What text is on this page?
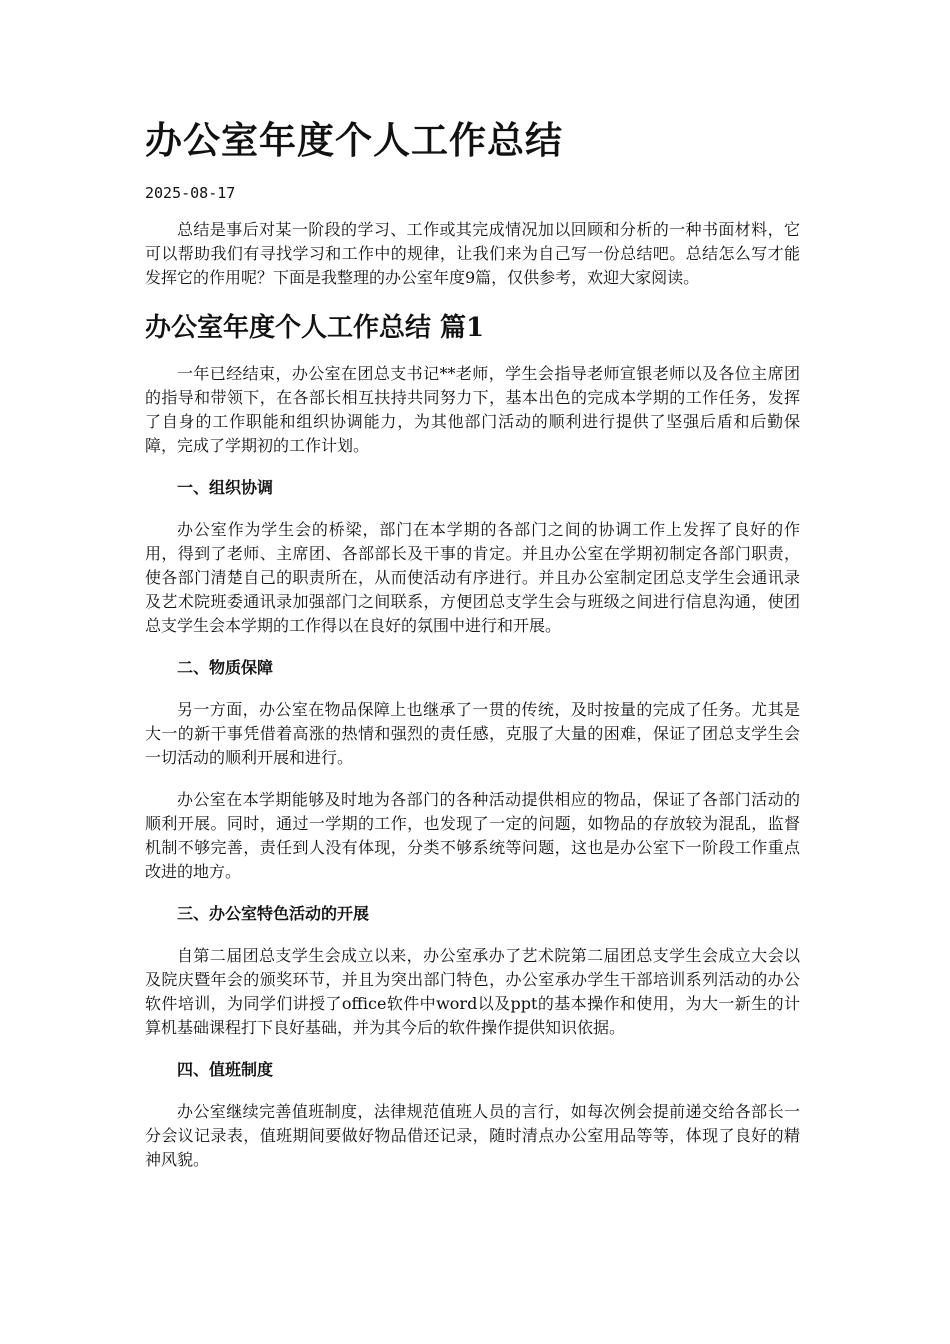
办公室年度个人工作总结
2025-08-17

总结是事后对某一阶段的学习、工作或其完成情况加以回顾和分析的一种书面材料，它可以帮助我们有寻找学习和工作中的规律，让我们来为自己写一份总结吧。总结怎么写才能发挥它的作用呢？下面是我整理的办公室年度9篇，仅供参考，欢迎大家阅读。

办公室年度个人工作总结 篇1

一年已经结束，办公室在团总支书记**老师，学生会指导老师宣银老师以及各位主席团的指导和带领下，在各部长相互扶持共同努力下，基本出色的完成本学期的工作任务，发挥了自身的工作职能和组织协调能力，为其他部门活动的顺利进行提供了坚强后盾和后勤保障，完成了学期初的工作计划。

一、组织协调

办公室作为学生会的桥梁，部门在本学期的各部门之间的协调工作上发挥了良好的作用，得到了老师、主席团、各部部长及干事的肯定。并且办公室在学期初制定各部门职责，使各部门清楚自己的职责所在，从而使活动有序进行。并且办公室制定团总支学生会通讯录及艺术院班委通讯录加强部门之间联系，方便团总支学生会与班级之间进行信息沟通，使团总支学生会本学期的工作得以在良好的氛围中进行和开展。

二、物质保障

另一方面，办公室在物品保障上也继承了一贯的传统，及时按量的完成了任务。尤其是大一的新干事凭借着高涨的热情和强烈的责任感，克服了大量的困难，保证了团总支学生会一切活动的顺利开展和进行。

办公室在本学期能够及时地为各部门的各种活动提供相应的物品，保证了各部门活动的顺利开展。同时，通过一学期的工作，也发现了一定的问题，如物品的存放较为混乱，监督机制不够完善，责任到人没有体现，分类不够系统等问题，这也是办公室下一阶段工作重点改进的地方。

三、办公室特色活动的开展

自第二届团总支学生会成立以来，办公室承办了艺术院第二届团总支学生会成立大会以及院庆暨年会的颁奖环节，并且为突出部门特色，办公室承办学生干部培训系列活动的办公软件培训，为同学们讲授了office软件中word以及ppt的基本操作和使用，为大一新生的计算机基础课程打下良好基础，并为其今后的软件操作提供知识依据。

四、值班制度

办公室继续完善值班制度，法律规范值班人员的言行，如每次例会提前递交给各部长一分会议记录表，值班期间要做好物品借还记录，随时清点办公室用品等等，体现了良好的精神风貌。
